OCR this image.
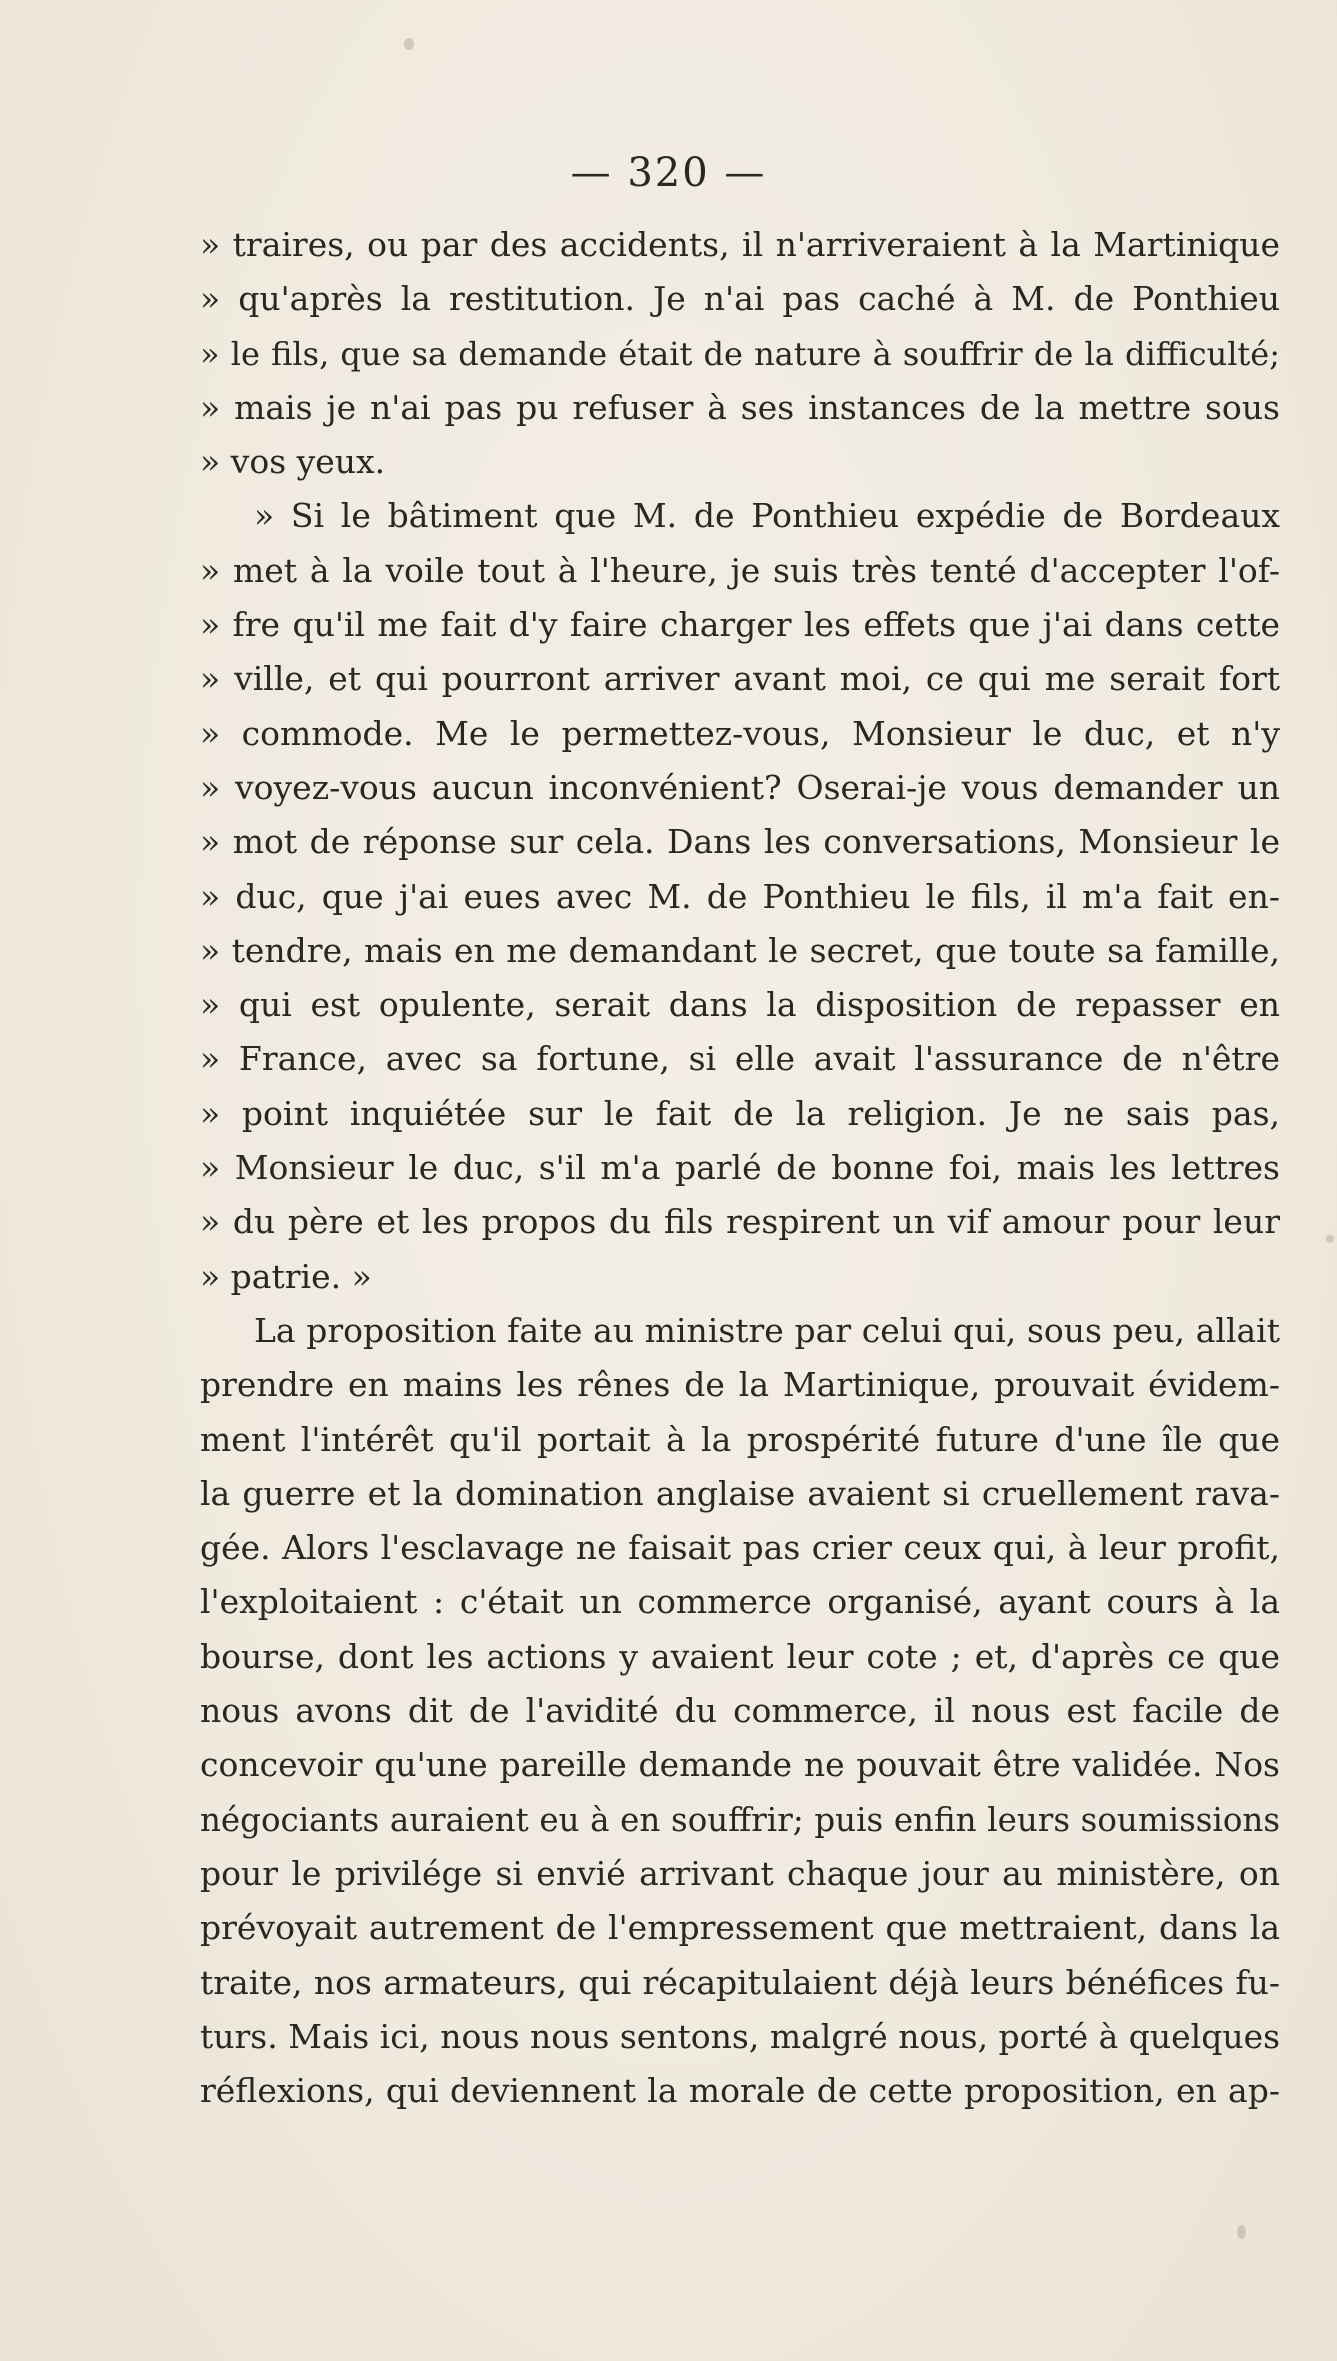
— 320 —
» traires, ou par des accidents, il n'arriveraient à la Martinique
» qu'après la restitution. Je n'ai pas caché à M. de Ponthieu
» le fils, que sa demande était de nature à souffrir de la difficulté;
» mais je n'ai pas pu refuser à ses instances de la mettre sous
» vos yeux.
» Si le bâtiment que M. de Ponthieu expédie de Bordeaux
» met à la voile tout à l'heure, je suis très tenté d'accepter l'of-
» fre qu'il me fait d'y faire charger les effets que j'ai dans cette
» ville, et qui pourront arriver avant moi, ce qui me serait fort
» commode. Me le permettez-vous, Monsieur le duc, et n'y
» voyez-vous aucun inconvénient? Oserai-je vous demander un
» mot de réponse sur cela. Dans les conversations, Monsieur le
» duc, que j'ai eues avec M. de Ponthieu le fils, il m'a fait en-
» tendre, mais en me demandant le secret, que toute sa famille,
» qui est opulente, serait dans la disposition de repasser en
» France, avec sa fortune, si elle avait l'assurance de n'être
» point inquiétée sur le fait de la religion. Je ne sais pas,
» Monsieur le duc, s'il m'a parlé de bonne foi, mais les lettres
» du père et les propos du fils respirent un vif amour pour leur
» patrie. »
La proposition faite au ministre par celui qui, sous peu, allait
prendre en mains les rênes de la Martinique, prouvait évidem-
ment l'intérêt qu'il portait à la prospérité future d'une île que
la guerre et la domination anglaise avaient si cruellement rava-
gée. Alors l'esclavage ne faisait pas crier ceux qui, à leur profit,
l'exploitaient : c'était un commerce organisé, ayant cours à la
bourse, dont les actions y avaient leur cote ; et, d'après ce que
nous avons dit de l'avidité du commerce, il nous est facile de
concevoir qu'une pareille demande ne pouvait être validée. Nos
négociants auraient eu à en souffrir; puis enfin leurs soumissions
pour le privilége si envié arrivant chaque jour au ministère, on
prévoyait autrement de l'empressement que mettraient, dans la
traite, nos armateurs, qui récapitulaient déjà leurs bénéfices fu-
turs. Mais ici, nous nous sentons, malgré nous, porté à quelques
réflexions, qui deviennent la morale de cette proposition, en ap-
